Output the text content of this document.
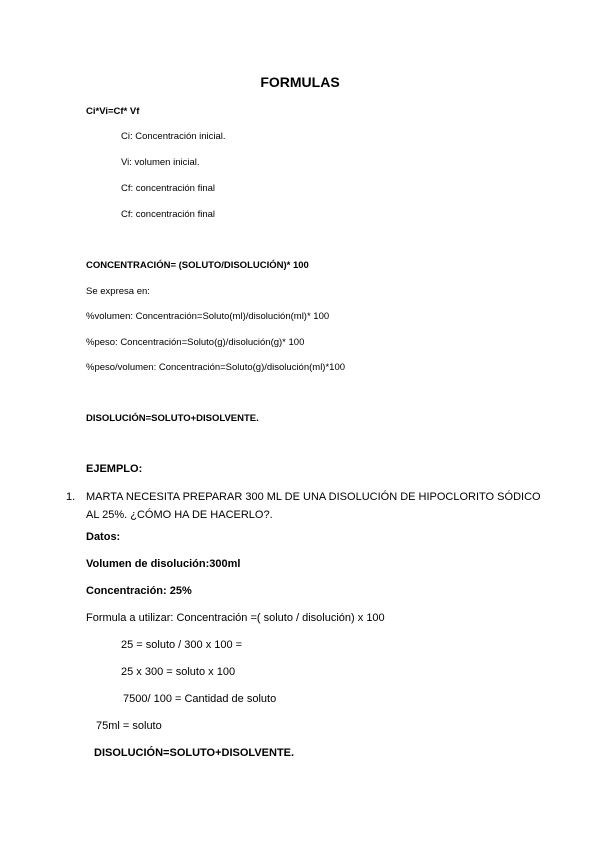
FORMULAS
Ci*Vi=Cf* Vf
Ci: Concentración inicial.
Vi: volumen inicial.
Cf: concentración final
Cf: concentración final
CONCENTRACIÓN= (SOLUTO/DISOLUCIÓN)* 100
Se expresa en:
%volumen: Concentración=Soluto(ml)/disolución(ml)* 100
%peso: Concentración=Soluto(g)/disolución(g)* 100
%peso/volumen: Concentración=Soluto(g)/disolución(ml)*100
DISOLUCIÓN=SOLUTO+DISOLVENTE.
EJEMPLO:
1. MARTA NECESITA PREPARAR 300 ML DE UNA DISOLUCIÓN DE HIPOCLORITO SÓDICO
AL 25%. ¿CÓMO HA DE HACERLO?.
Datos:
Volumen de disolución:300ml
Concentración: 25%
Formula a utilizar: Concentración =( soluto / disolución) x 100
25 = soluto / 300 x 100 =
25 x 300 = soluto x 100
7500/ 100 = Cantidad de soluto
75ml = soluto
DISOLUCIÓN=SOLUTO+DISOLVENTE.
